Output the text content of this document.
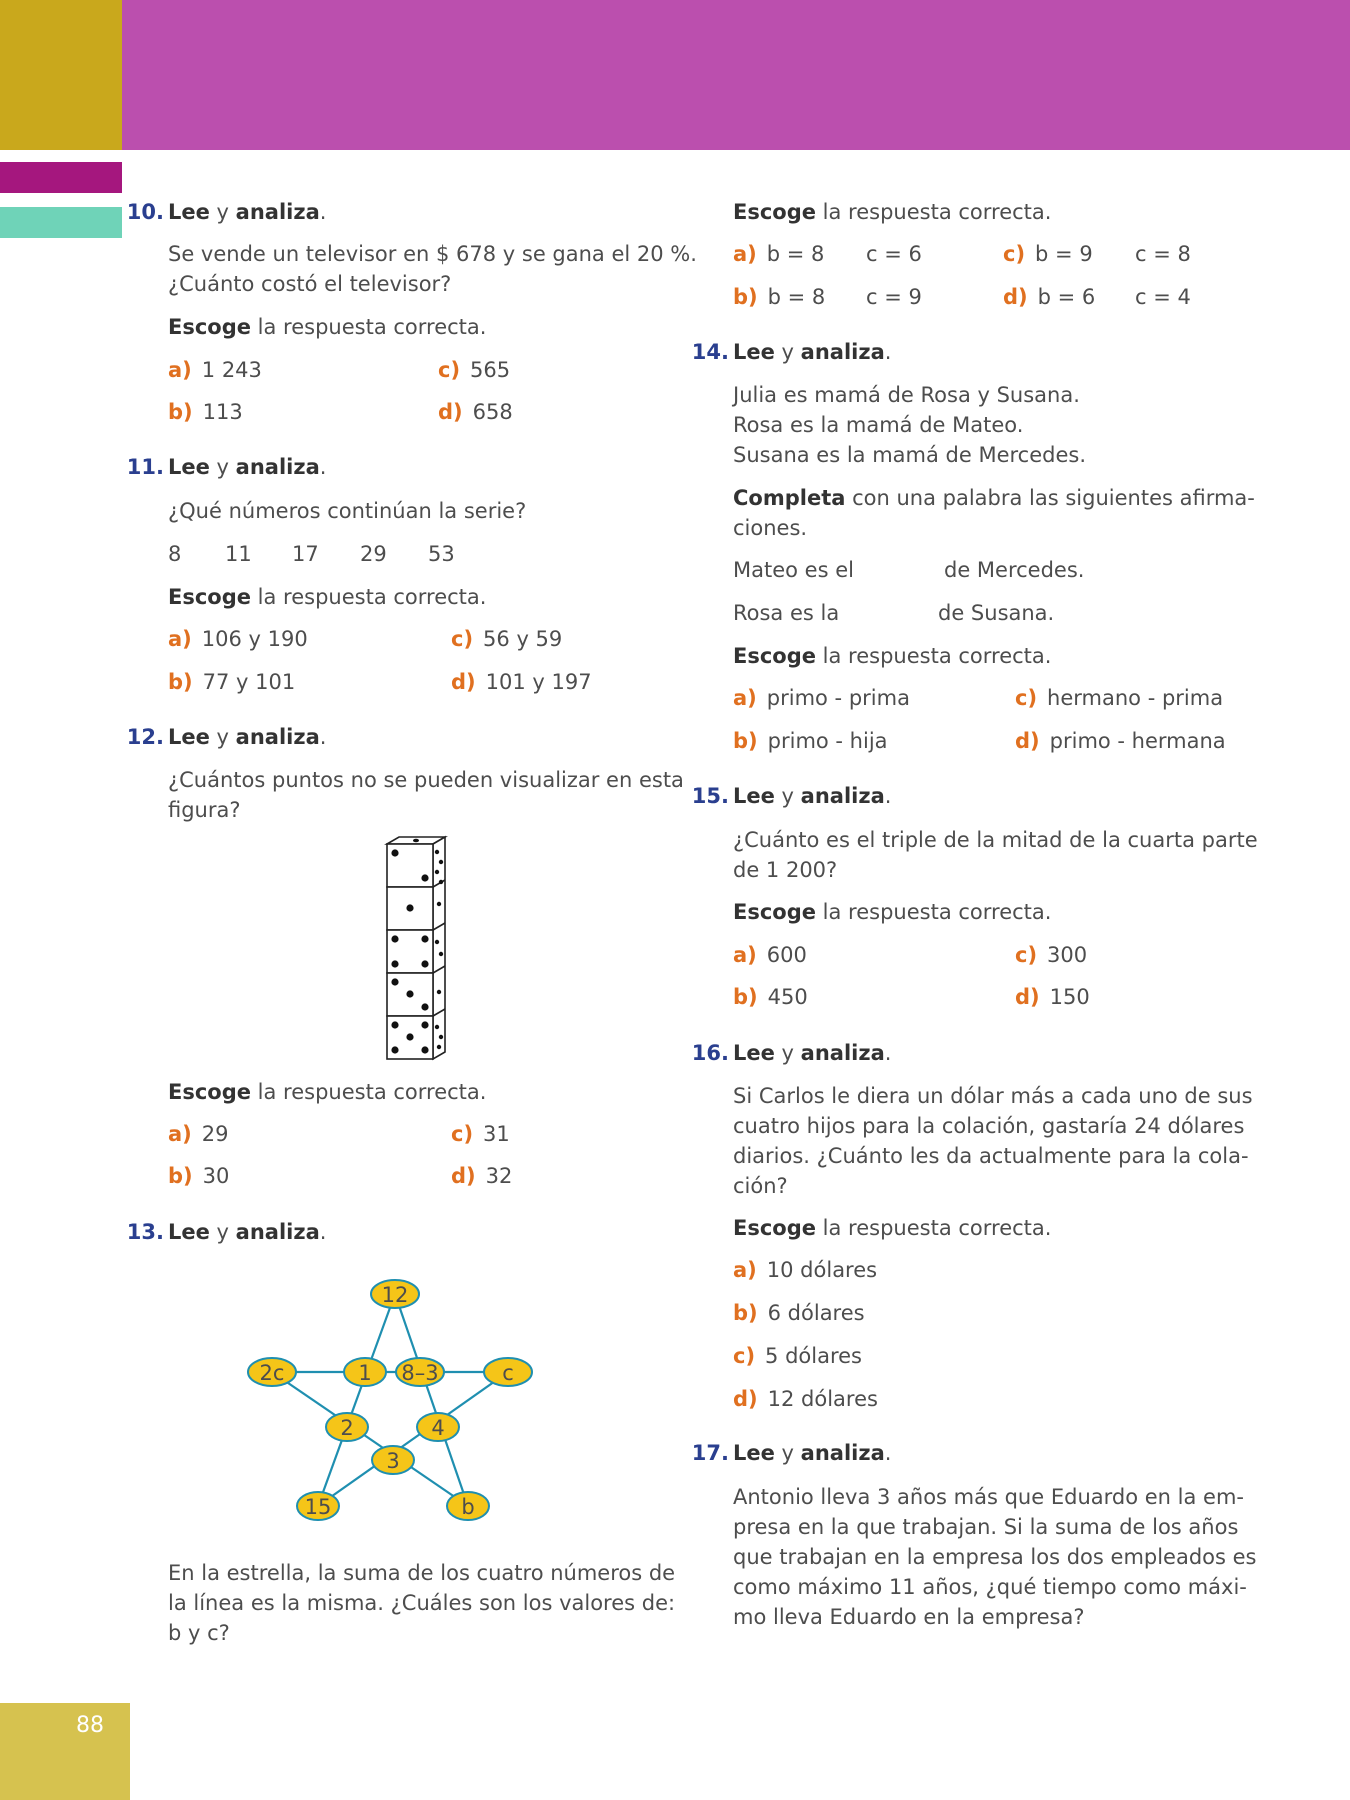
88
10. Lee y analiza.
Se vende un televisor en $ 678 y se gana el 20 %.
¿Cuánto costó el televisor?
Escoge la respuesta correcta.
a) 1 243
b) 113
c) 565
d) 658
11. Lee y analiza.
¿Qué números continúan la serie?
8 11 17 29 53
Escoge la respuesta correcta.
a) 106 y 190
b) 77 y 101
c) 56 y 59
d) 101 y 197
12. Lee y analiza.
¿Cuántos puntos no se pueden visualizar en esta
figura?
Escoge la respuesta correcta.
a) 29
b) 30
c) 31
d) 32
13. Lee y analiza.
12
2c	1 8–3	c
2	4
3
15	b
En la estrella, la suma de los cuatro números de
la línea es la misma. ¿Cuáles son los valores de:
b y c?
Escoge la respuesta correcta.
a) b = 8 c = 6
b) b = 8 c = 9
c) b = 9 c = 8
d) b = 6 c = 4
14. Lee y analiza.
Julia es mamá de Rosa y Susana.
Rosa es la mamá de Mateo.
Susana es la mamá de Mercedes.
Completa con una palabra las siguientes afirma-
ciones.
Mateo es el	de Mercedes.
Rosa es la	de Susana.
Escoge la respuesta correcta.
a) primo - prima
b) primo - hija
c) hermano - prima
d) primo - hermana
15. Lee y analiza.
¿Cuánto es el triple de la mitad de la cuarta parte
de 1 200?
Escoge la respuesta correcta.
a) 600
b) 450
c) 300
d) 150
16. Lee y analiza.
Si Carlos le diera un dólar más a cada uno de sus
cuatro hijos para la colación, gastaría 24 dólares
diarios. ¿Cuánto les da actualmente para la cola-
ción?
Escoge la respuesta correcta.
a) 10 dólares
b) 6 dólares
c) 5 dólares
d) 12 dólares
17. Lee y analiza.
Antonio lleva 3 años más que Eduardo en la em-
presa en la que trabajan. Si la suma de los años
que trabajan en la empresa los dos empleados es
como máximo 11 años, ¿qué tiempo como máxi-
mo lleva Eduardo en la empresa?
